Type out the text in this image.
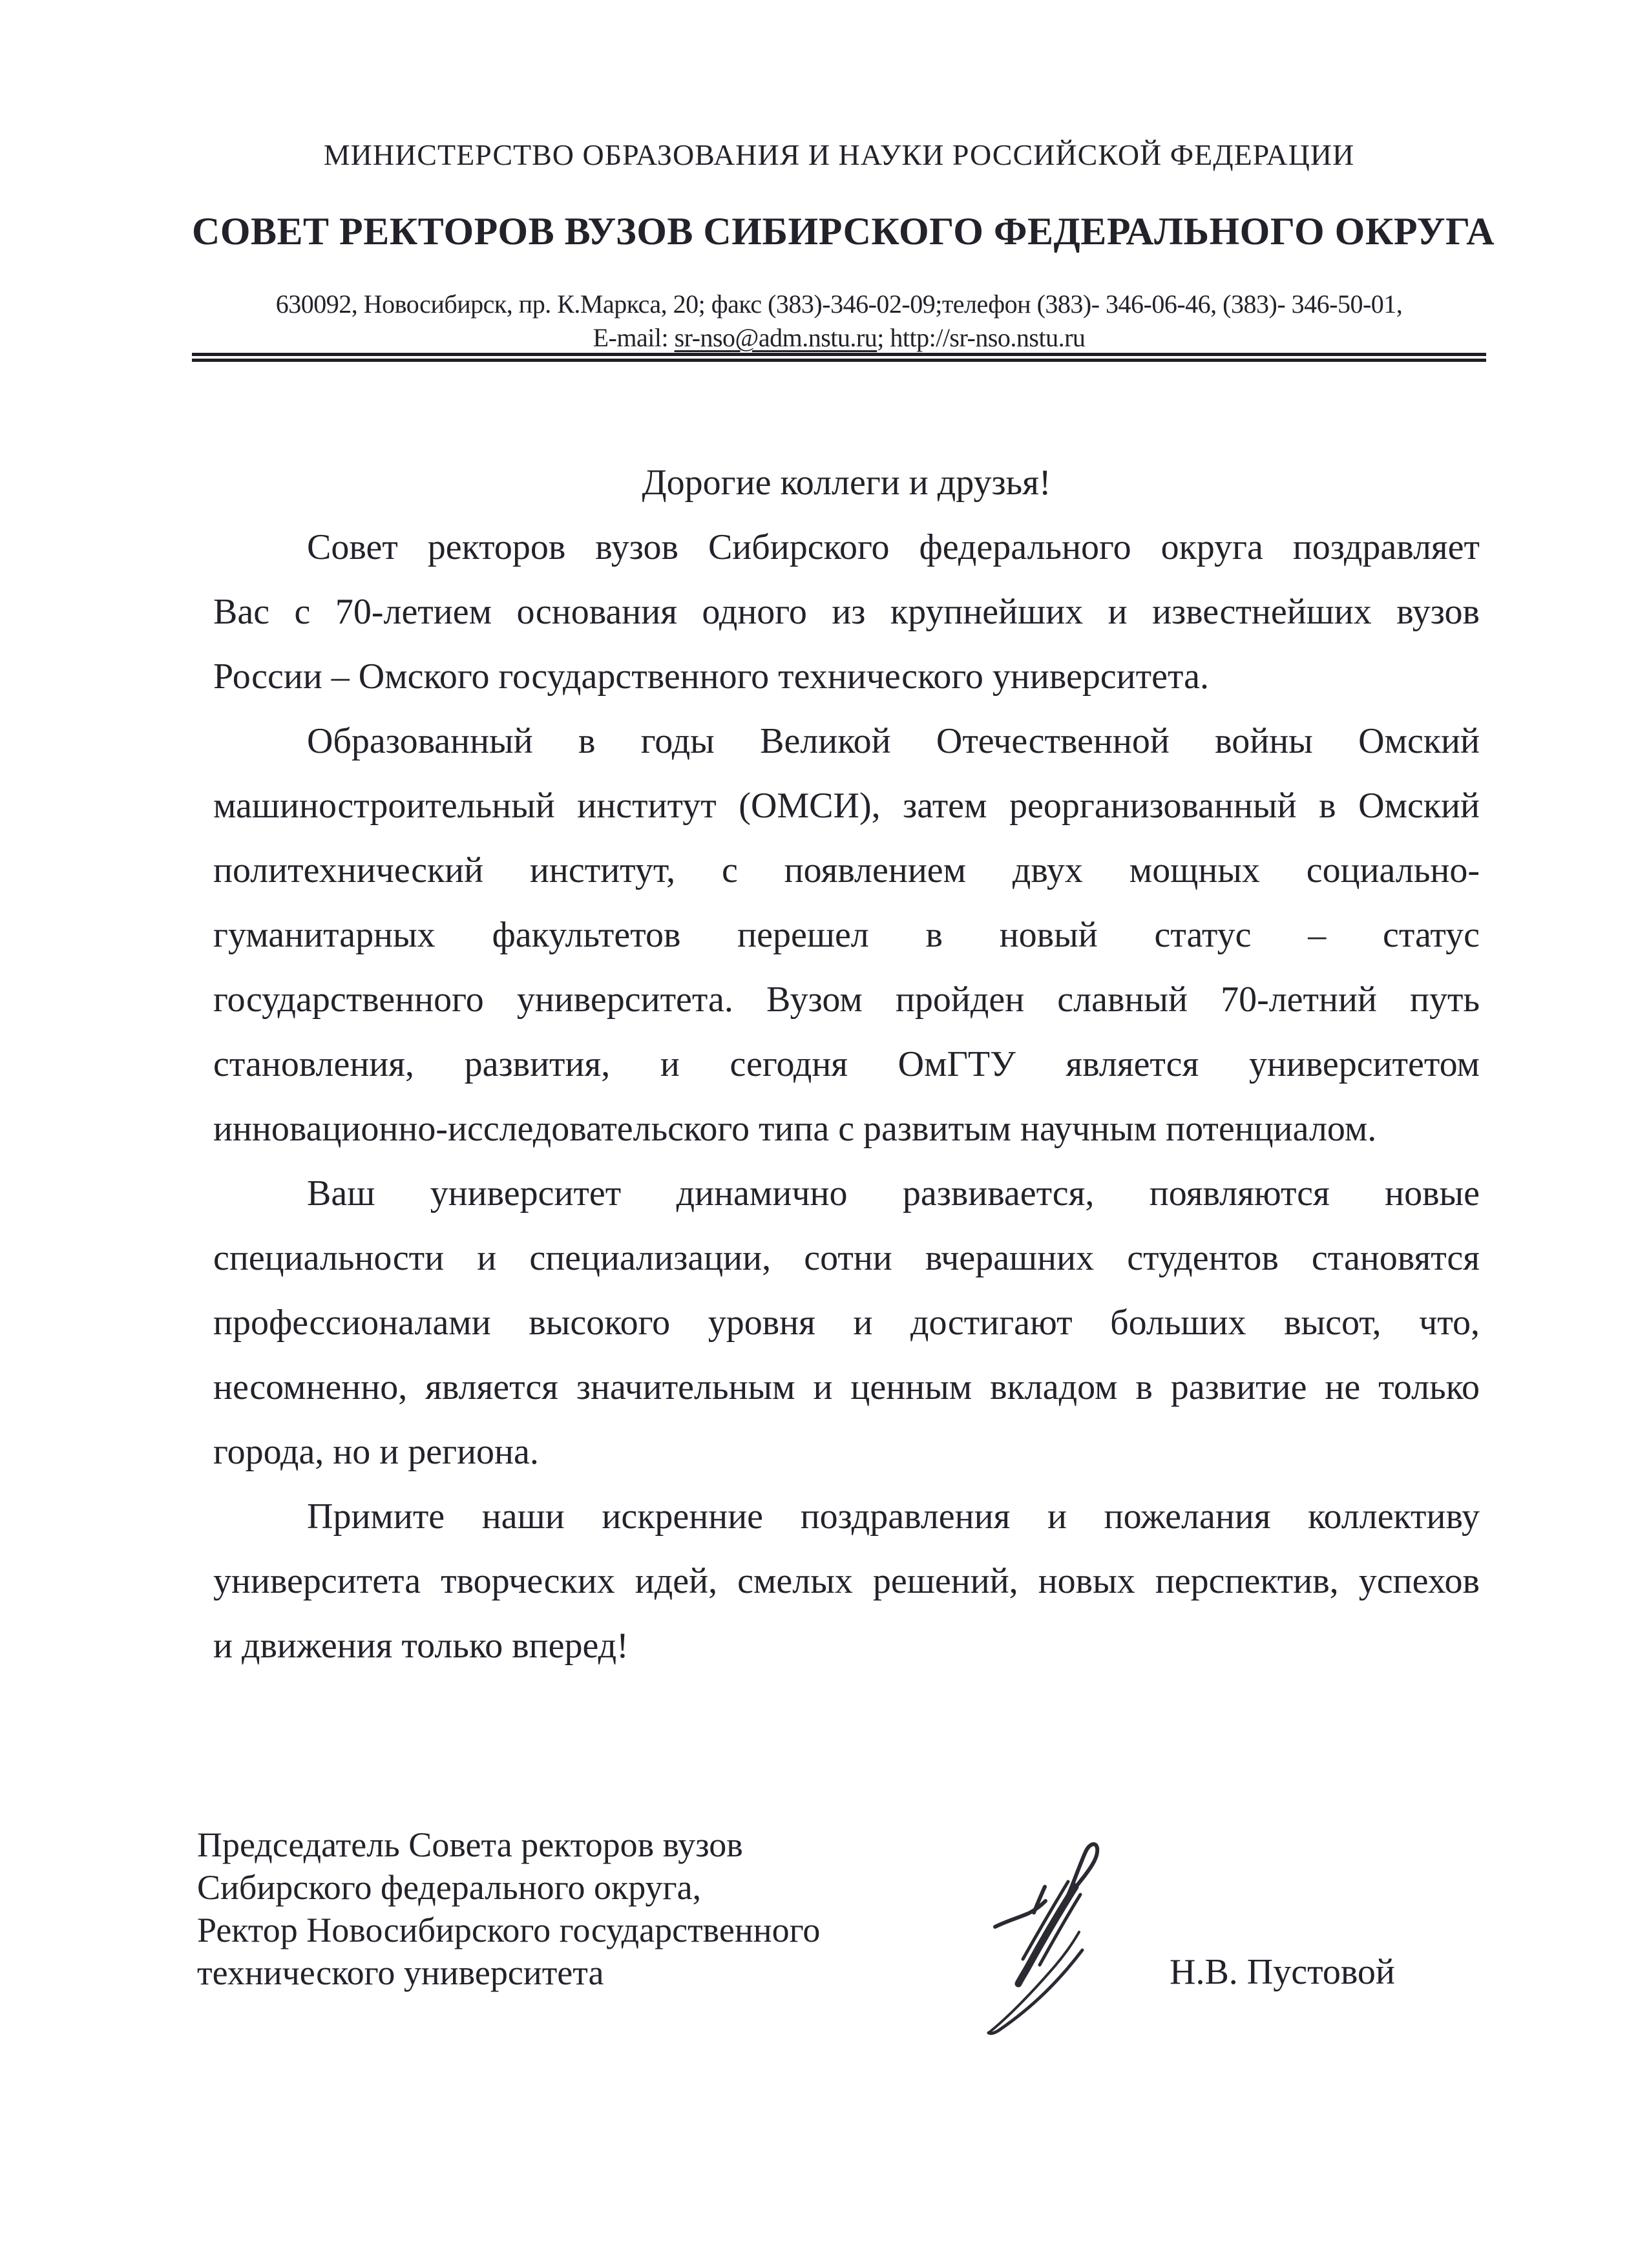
МИНИСТЕРСТВО ОБРАЗОВАНИЯ И НАУКИ РОССИЙСКОЙ ФЕДЕРАЦИИ
СОВЕТ РЕКТОРОВ ВУЗОВ СИБИРСКОГО ФЕДЕРАЛЬНОГО ОКРУГА
630092, Новосибирск, пр. К.Маркса, 20; факс (383)-346-02-09;телефон (383)- 346-06-46, (383)- 346-50-01,
E-mail: sr-nso@adm.nstu.ru; http://sr-nso.nstu.ru
Дорогие коллеги и друзья!
Совет ректоров вузов Сибирского федерального округа поздравляет
Вас с 70-летием основания одного из крупнейших и известнейших вузов
России – Омского государственного технического университета.
Образованный в годы Великой Отечественной войны Омский
машиностроительный институт (ОМСИ), затем реорганизованный в Омский
политехнический институт, с появлением двух мощных социально-
гуманитарных факультетов перешел в новый статус – статус
государственного университета. Вузом пройден славный 70-летний путь
становления, развития, и сегодня ОмГТУ является университетом
инновационно-исследовательского типа с развитым научным потенциалом.
Ваш университет динамично развивается, появляются новые
специальности и специализации, сотни вчерашних студентов становятся
профессионалами высокого уровня и достигают больших высот, что,
несомненно, является значительным и ценным вкладом в развитие не только
города, но и региона.
Примите наши искренние поздравления и пожелания коллективу
университета творческих идей, смелых решений, новых перспектив, успехов
и движения только вперед!
Председатель Совета ректоров вузов
Сибирского федерального округа,
Ректор Новосибирского государственного
технического университета	Н.В. Пустовой
